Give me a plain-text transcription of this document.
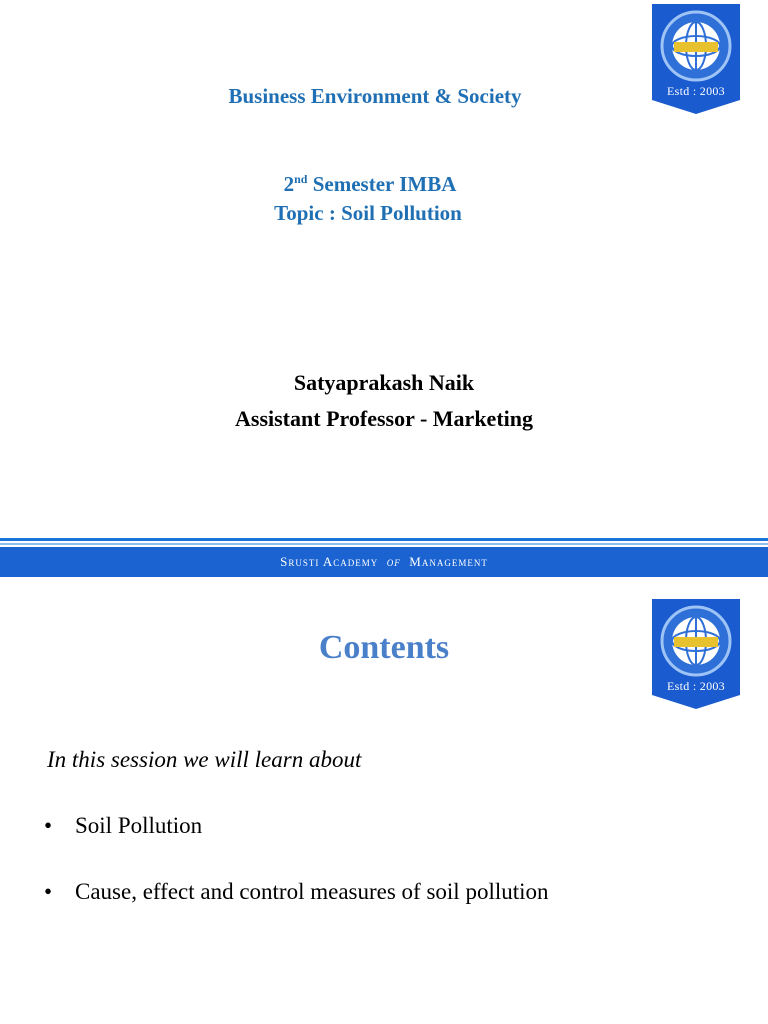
Estd : 2003
Business Environment & Society
2nd Semester IMBA
Topic : Soil Pollution
Satyaprakash Naik
Assistant Professor - Marketing
Srusti Academy of Management
Estd : 2003
Contents
In this session we will learn about
• Soil Pollution
• Cause, effect and control measures of soil pollution
